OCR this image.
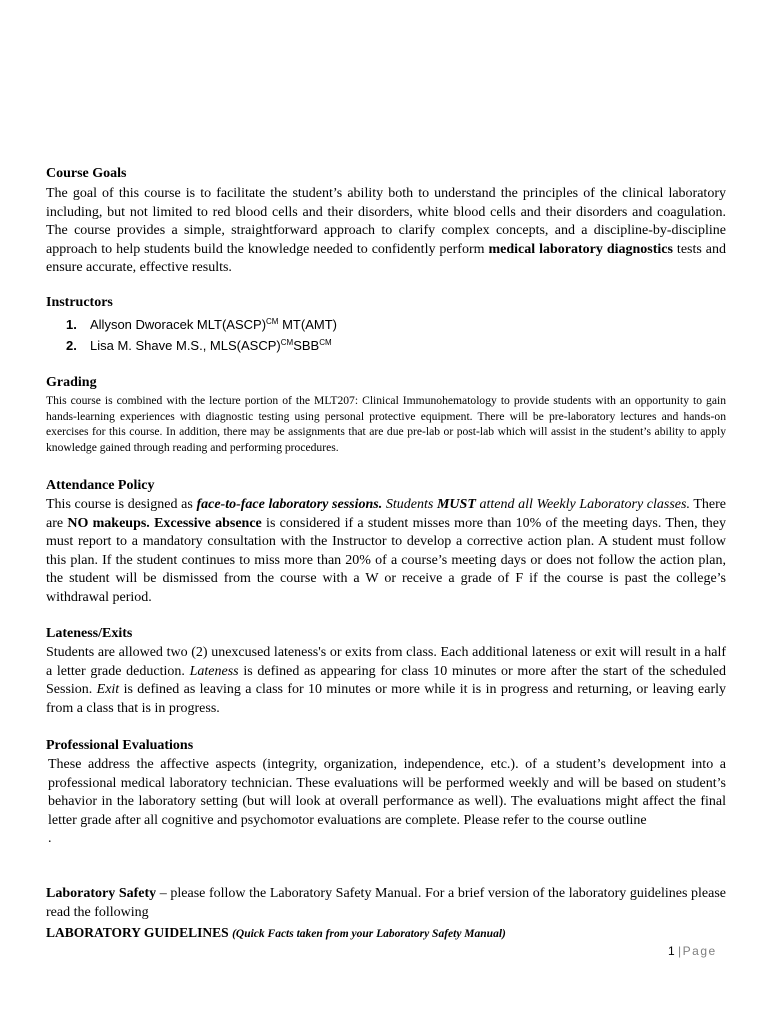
Course Goals
The goal of this course is to facilitate the student’s ability both to understand the principles of the clinical laboratory including, but not limited to red blood cells and their disorders, white blood cells and their disorders and coagulation. The course provides a simple, straightforward approach to clarify complex concepts, and a discipline-by-discipline approach to help students build the knowledge needed to confidently perform medical laboratory diagnostics tests and ensure accurate, effective results.
Instructors
1. Allyson Dworacek MLT(ASCP)$^{CM}$ MT(AMT)
2. Lisa M. Shave M.S., $MLS(ASCP)^{CM}SBB^{CM}$
Grading
This course is combined with the lecture portion of the MLT207: Clinical Immunohematology to provide students with an opportunity to gain hands-learning experiences with diagnostic testing using personal protective equipment. There will be pre-laboratory lectures and hands-on exercises for this course. In addition, there may be assignments that are due pre-lab or post-lab which will assist in the student’s ability to apply knowledge gained through reading and performing procedures.
Attendance Policy
This course is designed as face-to-face laboratory sessions. Students MUST attend all Weekly Laboratory classes. There are NO makeups. Excessive absence is considered if a student misses more than 10% of the meeting days. Then, they must report to a mandatory consultation with the Instructor to develop a corrective action plan. A student must follow this plan. If the student continues to miss more than 20% of a course’s meeting days or does not follow the action plan, the student will be dismissed from the course with a W or receive a grade of F if the course is past the college’s withdrawal period.
Lateness/Exits
Students are allowed two (2) unexcused lateness's or exits from class. Each additional lateness or exit will result in a half a letter grade deduction. Lateness is defined as appearing for class 10 minutes or more after the start of the scheduled Session. Exit is defined as leaving a class for 10 minutes or more while it is in progress and returning, or leaving early from a class that is in progress.
Professional Evaluations
These address the affective aspects (integrity, organization, independence, etc.). of a student’s development into a professional medical laboratory technician. These evaluations will be performed weekly and will be based on student’s behavior in the laboratory setting (but will look at overall performance as well). The evaluations might affect the final letter grade after all cognitive and psychomotor evaluations are complete. Please refer to the course outline
.
Laboratory Safety – please follow the Laboratory Safety Manual. For a brief version of the laboratory guidelines please read the following
LABORATORY GUIDELINES (Quick Facts taken from your Laboratory Safety Manual)
1 |Page
